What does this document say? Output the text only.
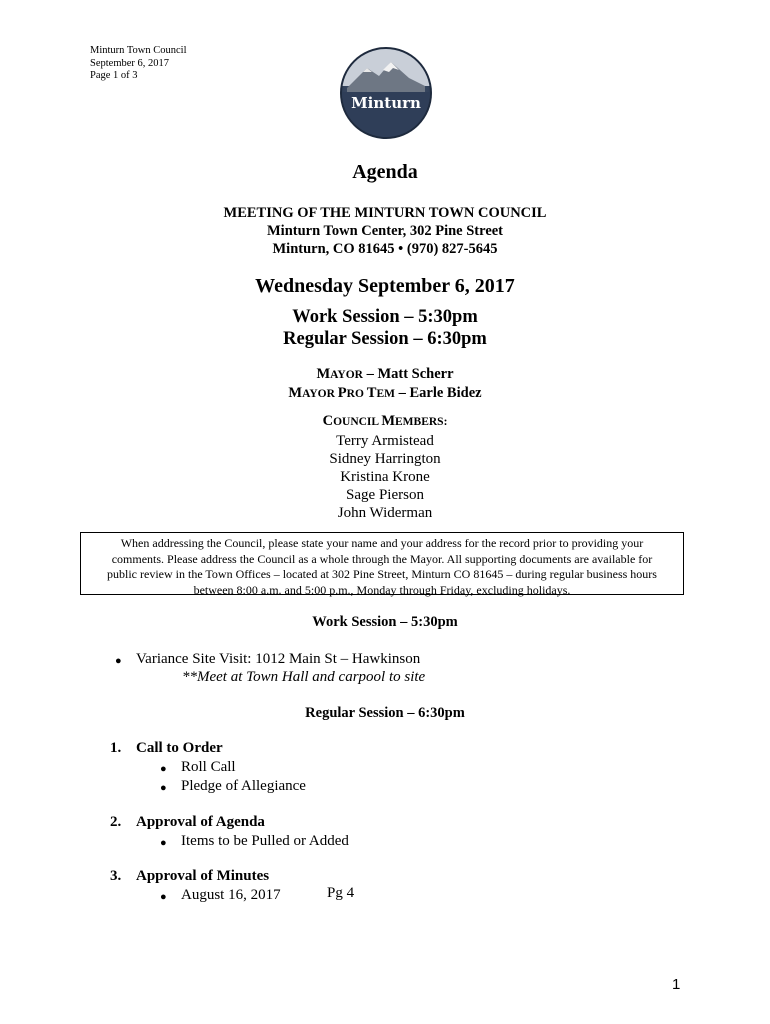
Minturn Town Council
September 6, 2017
Page 1 of 3
Minturn
Agenda
MEETING OF THE MINTURN TOWN COUNCIL
Minturn Town Center, 302 Pine Street
Minturn, CO 81645 • (970) 827-5645
Wednesday September 6, 2017
Work Session – 5:30pm
Regular Session – 6:30pm
MAYOR – Matt Scherr
MAYOR PRO TEM – Earle Bidez
COUNCIL MEMBERS:
Terry Armistead
Sidney Harrington
Kristina Krone
Sage Pierson
John Widerman
When addressing the Council, please state your name and your address for the record prior to providing your
comments. Please address the Council as a whole through the Mayor. All supporting documents are available for
public review in the Town Offices – located at 302 Pine Street, Minturn CO 81645 – during regular business hours
between 8:00 a.m. and 5:00 p.m., Monday through Friday, excluding holidays.
Work Session – 5:30pm
● Variance Site Visit: 1012 Main St – Hawkinson
**Meet at Town Hall and carpool to site
Regular Session – 6:30pm
1. Call to Order
● Roll Call
● Pledge of Allegiance
2. Approval of Agenda
● Items to be Pulled or Added
3. Approval of Minutes
● August 16, 2017	Pg 4
1
